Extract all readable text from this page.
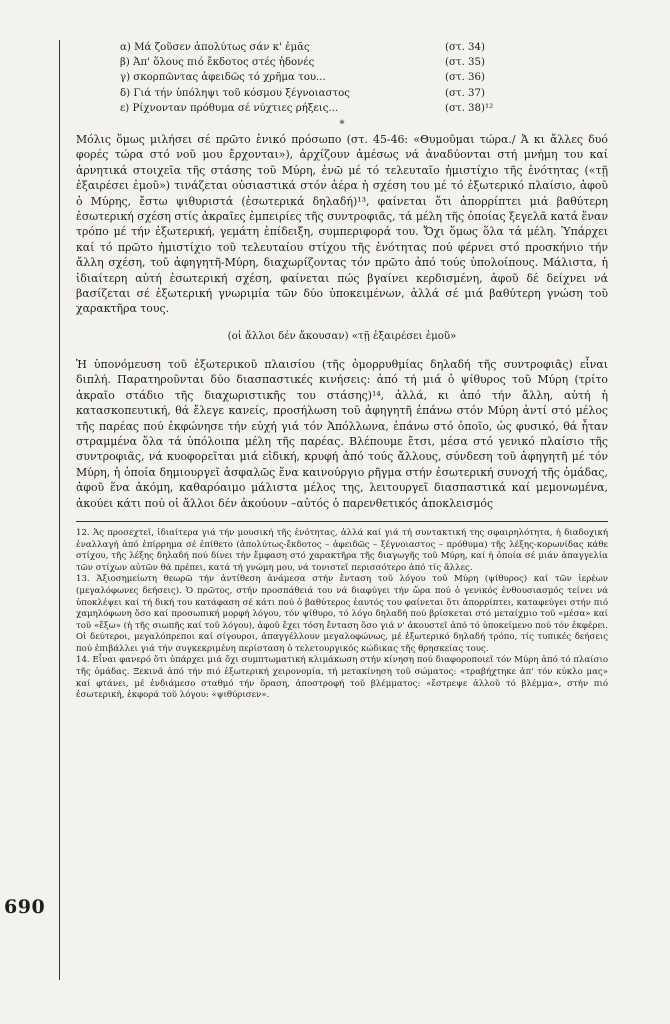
690
α) Μά ζοῦσεν ἀπολύτως σάν κ' ἐμᾶς	(στ. 34)
β) Ἀπ' ὅλους πιό ἔκδοτος στές ἡδονές	(στ. 35)
γ) σκορπῶντας ἀφειδῶς τό χρῆμα του...	(στ. 36)
δ) Γιά τήν ὑπόληψι τοῦ κόσμου ξέγνοιαστος	(στ. 37)
ε) Ρίχνονταν πρόθυμα σέ νύχτιες ρήξεις...	(στ. 38)¹²
*

Μόλις ὅμως μιλήσει σέ πρῶτο ἑνικό πρόσωπο (στ. 45-46: «Θυμοῦμαι τώρα./ Ἀ κι ἄλλες δυό φορές τώρα στό νοῦ μου ἔρχονται»), ἀρχίζουν ἀμέσως νά ἀναδύονται στή μνήμη του καί ἀρνητικά στοιχεῖα τῆς στάσης τοῦ Μύρη, ἐνῶ μέ τό τελευταῖο ἡμιστίχιο τῆς ἑνότητας («τῇ ἐξαιρέσει ἐμοῦ») τινάζεται οὐσιαστικά στόν ἀέρα ἡ σχέση του μέ τό ἐξωτερικό πλαίσιο, ἀφοῦ ὁ Μύρης, ἔστω ψιθυριστά (ἐσωτερικά δηλαδή)¹³, φαίνεται ὅτι ἀπορρίπτει μιά βαθύτερη ἐσωτερική σχέση στίς ἀκραῖες ἐμπειρίες τῆς συντροφιᾶς, τά μέλη τῆς ὁποίας ξεγελᾶ κατά ἕναν τρόπο μέ τήν ἐξωτερική, γεμάτη ἐπίδειξη, συμπεριφορά του. Ὄχι ὅμως ὅλα τά μέλη. Ὑπάρχει καί τό πρῶτο ἡμιστίχιο τοῦ τελευταίου στίχου τῆς ἑνότητας πού φέρνει στό προσκήνιο τήν ἄλλη σχέση, τοῦ ἀφηγητῆ-Μύρη, διαχωρίζοντας τόν πρῶτο ἀπό τούς ὑπολοίπους. Μάλιστα, ἡ ἰδιαίτερη αὐτή ἐσωτερική σχέση, φαίνεται πώς βγαίνει κερδισμένη, ἀφοῦ δέ δείχνει νά βασίζεται σέ ἐξωτερική γνωριμία τῶν δύο ὑποκειμένων, ἀλλά σέ μιά βαθύτερη γνώση τοῦ χαρακτῆρα τους.

(οἱ ἄλλοι δέν ἄκουσαν) «τῇ ἐξαιρέσει ἐμοῦ»

Ἡ ὑπονόμευση τοῦ ἐξωτερικοῦ πλαισίου (τῆς ὁμορρυθμίας δηλαδή τῆς συντροφιᾶς) εἶναι διπλή. Παρατηροῦνται δύο διασπαστικές κινήσεις: ἀπό τή μιά ὁ ψίθυρος τοῦ Μύρη (τρίτο ἀκραῖο στάδιο τῆς διαχωριστικῆς του στάσης)¹⁴, ἀλλά, κι ἀπό τήν ἄλλη, αὐτή ἡ κατασκοπευτική, θά ἔλεγε κανείς, προσήλωση τοῦ ἀφηγητῆ ἐπάνω στόν Μύρη ἀντί στό μέλος τῆς παρέας πού ἐκφώνησε τήν εὐχή γιά τόν Ἀπόλλωνα, ἐπάνω στό ὁποῖο, ὡς φυσικό, θά ἦταν στραμμένα ὅλα τά ὑπόλοιπα μέλη τῆς παρέας. Βλέπουμε ἔτσι, μέσα στό γενικό πλαίσιο τῆς συντροφιᾶς, νά κυοφορεῖται μιά εἰδική, κρυφή ἀπό τούς ἄλλους, σύνδεση τοῦ ἀφηγητῆ μέ τόν Μύρη, ἡ ὁποία δημιουργεῖ ἀσφαλῶς ἕνα καινούργιο ρῆγμα στήν ἐσωτερική συνοχή τῆς ὁμάδας, ἀφοῦ ἕνα ἀκόμη, καθαρόαιμο μάλιστα μέλος της, λειτουργεῖ διασπαστικά καί μεμονωμένα, ἀκούει κάτι πού οἱ ἄλλοι δέν ἀκούουν –αὐτός ὁ παρενθετικός ἀποκλεισμός

12. Ἀς προσεχτεῖ, ἰδιαίτερα γιά τήν μουσική τῆς ἑνότητας, ἀλλά καί γιά τή συντακτική της σφαιρηλότητα, ἡ διαδοχική ἐναλλαγή ἀπό ἐπίρρημα σέ ἐπίθετο (ἀπολύτως-ἔκδοτος – ἀφειδῶς – ξέγνοιαστος – πρόθυμα) τῆς λέξης-κορωνίδας κάθε στίχου, τῆς λέξης δηλαδή πού δίνει τήν ἔμφαση στό χαρακτῆρα τῆς διαγωγῆς τοῦ Μύρη, καί ἡ ὁποία σέ μιάν ἀπαγγελία τῶν στίχων αὐτῶν θά πρέπει, κατά τή γνώμη μου, νά τονιστεῖ περισσότερο ἀπό τίς ἄλλες.

13. Ἀξιοσημείωτη θεωρῶ τήν ἀντίθεση ἀνάμεσα στήν ἔνταση τοῦ λόγου τοῦ Μύρη (ψίθυρος) καί τῶν ἱερέων (μεγαλόφωνες δεήσεις). Ὁ πρῶτος, στήν προσπάθειά του νά διαφύγει τήν ὥρα πού ὁ γενικός ἐνθουσιασμός τείνει νά ὑποκλέψει καί τή δική του κατάφαση σέ κάτι πού ὁ βαθύτερος ἑαυτός του φαίνεται ὅτι ἀπορρίπτει, καταφεύγει στήν πιό χαμηλόφωνη ὅσο καί προσωπική μορφή λόγου, τόν ψίθυρο, τό λόγο δηλαδή πού βρίσκεται στό μεταίχμιο τοῦ «μέσα» καί τοῦ «ἔξω» (ἡ τῆς σιωπῆς καί τοῦ λόγου), ἀφοῦ ἔχει τόση ἔνταση ὅσο γιά ν' ἀκουστεῖ ἀπό τό ὑποκείμενο πού τόν ἐκφέρει. Οἱ δεύτεροι, μεγαλόπρεποι καί σίγουροι, ἀπαγγέλλουν μεγαλοφώνως, μέ ἐξωτερικό δηλαδή τρόπο, τίς τυπικές δεήσεις πού ἐπιβάλλει γιά τήν συγκεκριμένη περίσταση ὁ τελετουργικός κώδικας τῆς θρησκείας τους.

14. Εἶναι φανερό ὅτι ὑπάρχει μιά ὄχι συμπτωματική κλιμάκωση στήν κίνηση πού διαφοροποιεῖ τόν Μύρη ἀπό τό πλαίσιο τῆς ὁμάδας. Ξεκινᾶ ἀπό τήν πιό ἐξωτερική χειρονομία, τή μετακίνηση τοῦ σώματος: «τραβήχτηκε ἀπ' τόν κύκλο μας» καί φτάνει, μέ ἐνδιάμεσο σταθμό τήν ὅραση, ἀποστροφή τοῦ βλέμματος: «ἔστρεψε ἀλλοῦ τό βλέμμα», στήν πιό ἐσωτερική, ἐκφορά τοῦ λόγου: «ψιθύρισεν».
